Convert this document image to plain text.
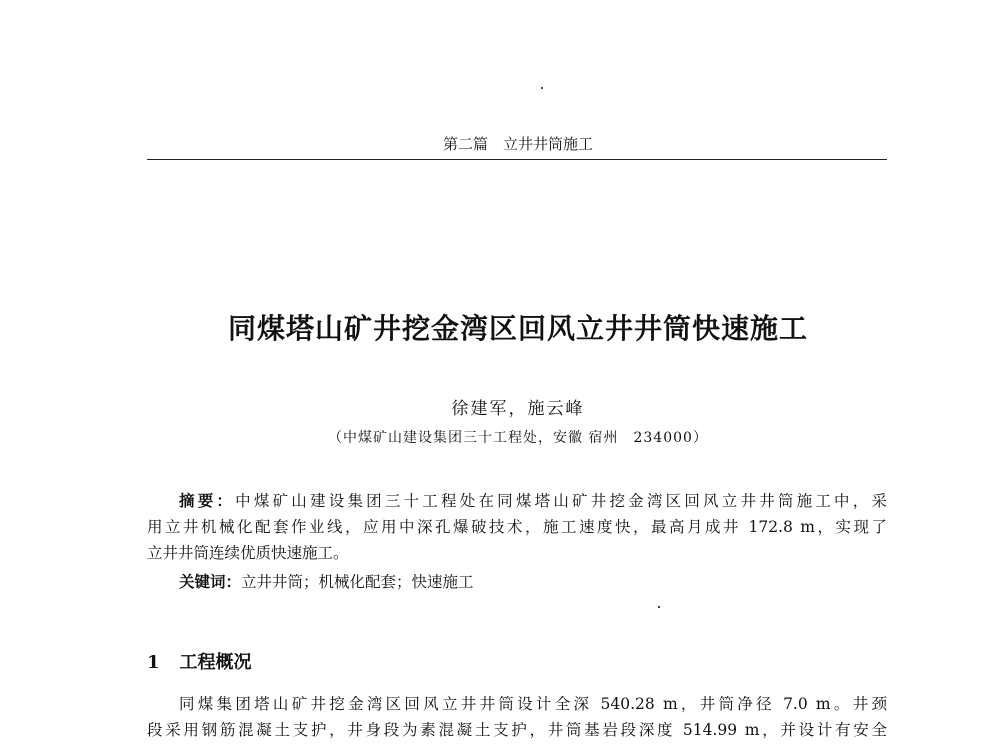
第二篇　立井井筒施工
同煤塔山矿井挖金湾区回风立井井筒快速施工
徐建军，施云峰
（中煤矿山建设集团三十工程处，安徽 宿州　234000）
摘要：中煤矿山建设集团三十工程处在同煤塔山矿井挖金湾区回风立井井筒施工中，采
用立井机械化配套作业线，应用中深孔爆破技术，施工速度快，最高月成井 172.8 m，实现了
立井井筒连续优质快速施工。
关键词：立井井筒；机械化配套；快速施工
1 工程概况
同煤集团塔山矿井挖金湾区回风立井井筒设计全深 540.28 m，井筒净径 7.0 m。井颈
段采用钢筋混凝土支护，井身段为素混凝土支护，井筒基岩段深度 514.99 m，并设计有安全
